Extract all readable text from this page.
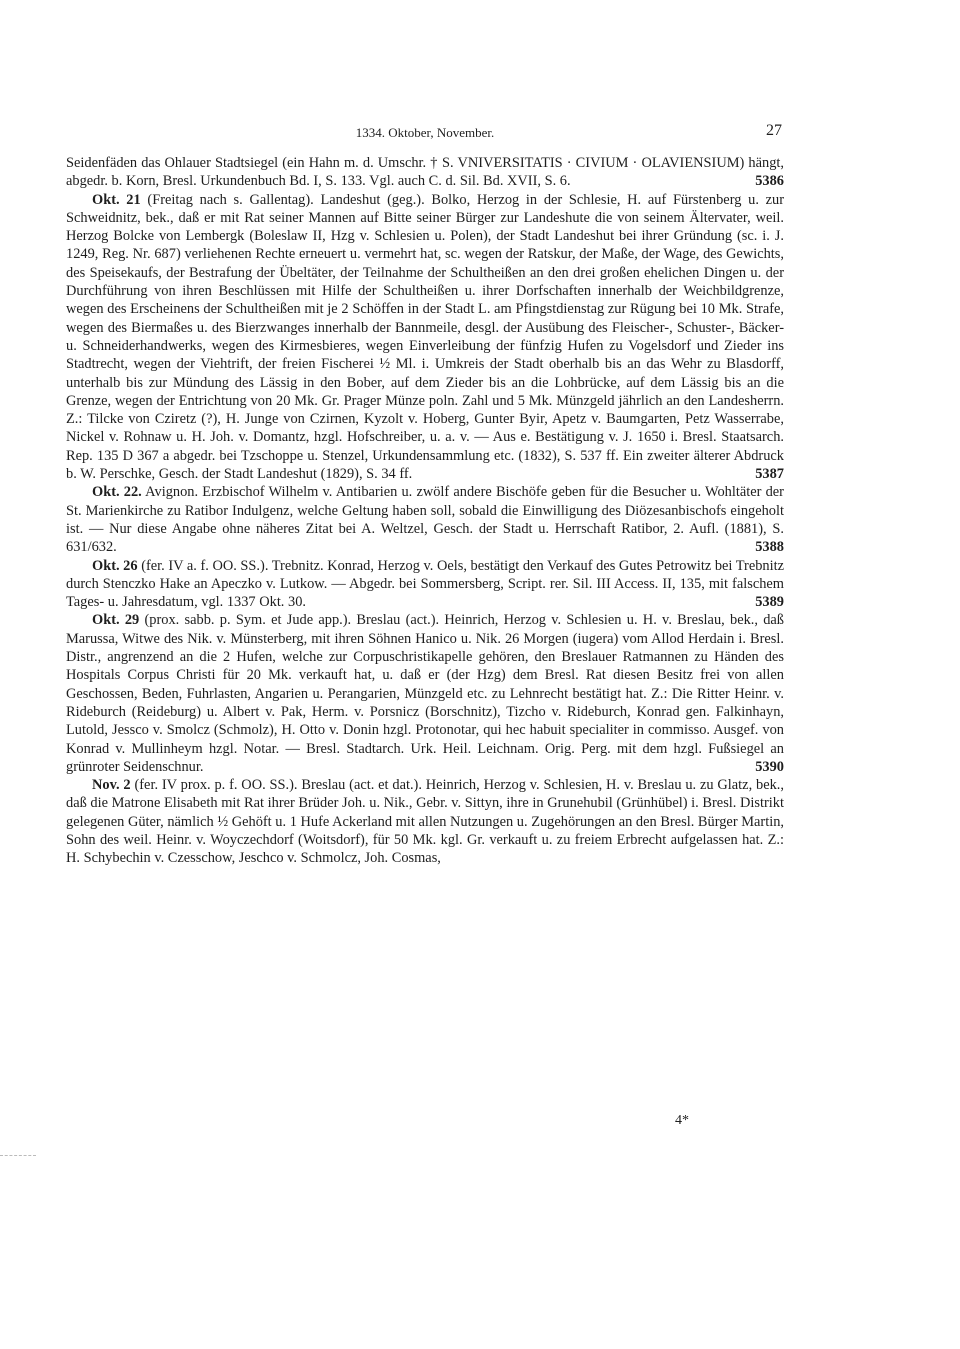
1334. Oktober, November.	27

Seidenfäden das Ohlauer Stadtsiegel (ein Hahn m. d. Umschr. † S. VNIVERSITATIS · CIVIUM · OLAVIENSIUM) hängt, abgedr. b. Korn, Bresl. Urkundenbuch Bd. I, S. 133. Vgl. auch C. d. Sil. Bd. XVII, S. 6.	5386

Okt. 21 (Freitag nach s. Gallentag). Landeshut (geg.). Bolko, Herzog in der Schlesie, H. auf Fürstenberg u. zur Schweidnitz, bek., daß er mit Rat seiner Mannen auf Bitte seiner Bürger zur Landeshute die von seinem Ältervater, weil. Herzog Bolcke von Lembergk (Boleslaw II, Hzg v. Schlesien u. Polen), der Stadt Landeshut bei ihrer Gründung (sc. i. J. 1249, Reg. Nr. 687) verliehenen Rechte erneuert u. vermehrt hat, sc. wegen der Ratskur, der Maße, der Wage, des Gewichts, des Speisekaufs, der Bestrafung der Übeltäter, der Teilnahme der Schultheißen an den drei großen ehelichen Dingen u. der Durchführung von ihren Beschlüssen mit Hilfe der Schultheißen u. ihrer Dorfschaften innerhalb der Weichbildgrenze, wegen des Erscheinens der Schultheißen mit je 2 Schöffen in der Stadt L. am Pfingstdienstag zur Rügung bei 10 Mk. Strafe, wegen des Biermaßes u. des Bierzwanges innerhalb der Bannmeile, desgl. der Ausübung des Fleischer-, Schuster-, Bäcker- u. Schneiderhandwerks, wegen des Kirmesbieres, wegen Einverleibung der fünfzig Hufen zu Vogelsdorf und Zieder ins Stadtrecht, wegen der Viehtrift, der freien Fischerei ½ Ml. i. Umkreis der Stadt oberhalb bis an das Wehr zu Blasdorff, unterhalb bis zur Mündung des Lässig in den Bober, auf dem Zieder bis an die Lohbrücke, auf dem Lässig bis an die Grenze, wegen der Entrichtung von 20 Mk. Gr. Prager Münze poln. Zahl und 5 Mk. Münzgeld jährlich an den Landesherrn. Z.: Tilcke von Cziretz (?), H. Junge von Czirnen, Kyzolt v. Hoberg, Gunter Byir, Apetz v. Baumgarten, Petz Wasserrabe, Nickel v. Rohnaw u. H. Joh. v. Domantz, hzgl. Hofschreiber, u. a. v. — Aus e. Bestätigung v. J. 1650 i. Bresl. Staatsarch. Rep. 135 D 367 a abgedr. bei Tzschoppe u. Stenzel, Urkundensammlung etc. (1832), S. 537 ff. Ein zweiter älterer Abdruck b. W. Perschke, Gesch. der Stadt Landeshut (1829), S. 34 ff.	5387

Okt. 22. Avignon. Erzbischof Wilhelm v. Antibarien u. zwölf andere Bischöfe geben für die Besucher u. Wohltäter der St. Marienkirche zu Ratibor Indulgenz, welche Geltung haben soll, sobald die Einwilligung des Diözesanbischofs eingeholt ist. — Nur diese Angabe ohne näheres Zitat bei A. Weltzel, Gesch. der Stadt u. Herrschaft Ratibor, 2. Aufl. (1881), S. 631/632.	5388

Okt. 26 (fer. IV a. f. OO. SS.). Trebnitz. Konrad, Herzog v. Oels, bestätigt den Verkauf des Gutes Petrowitz bei Trebnitz durch Stenczko Hake an Apeczko v. Lutkow. — Abgedr. bei Sommersberg, Script. rer. Sil. III Access. II, 135, mit falschem Tages- u. Jahresdatum, vgl. 1337 Okt. 30.	5389

Okt. 29 (prox. sabb. p. Sym. et Jude app.). Breslau (act.). Heinrich, Herzog v. Schlesien u. H. v. Breslau, bek., daß Marussa, Witwe des Nik. v. Münsterberg, mit ihren Söhnen Hanico u. Nik. 26 Morgen (iugera) vom Allod Herdain i. Bresl. Distr., angrenzend an die 2 Hufen, welche zur Corpuschristikapelle gehören, den Breslauer Ratmannen zu Händen des Hospitals Corpus Christi für 20 Mk. verkauft hat, u. daß er (der Hzg) dem Bresl. Rat diesen Besitz frei von allen Geschossen, Beden, Fuhrlasten, Angarien u. Perangarien, Münzgeld etc. zu Lehnrecht bestätigt hat. Z.: Die Ritter Heinr. v. Rideburch (Reideburg) u. Albert v. Pak, Herm. v. Porsnicz (Borschnitz), Tizcho v. Rideburch, Konrad gen. Falkinhayn, Lutold, Jessco v. Smolcz (Schmolz), H. Otto v. Donin hzgl. Protonotar, qui hec habuit specialiter in commisso. Ausgef. von Konrad v. Mullinheym hzgl. Notar. — Bresl. Stadtarch. Urk. Heil. Leichnam. Orig. Perg. mit dem hzgl. Fußsiegel an grünroter Seidenschnur.	5390

Nov. 2 (fer. IV prox. p. f. OO. SS.). Breslau (act. et dat.). Heinrich, Herzog v. Schlesien, H. v. Breslau u. zu Glatz, bek., daß die Matrone Elisabeth mit Rat ihrer Brüder Joh. u. Nik., Gebr. v. Sittyn, ihre in Grunehubil (Grünhübel) i. Bresl. Distrikt gelegenen Güter, nämlich ½ Gehöft u. 1 Hufe Ackerland mit allen Nutzungen u. Zugehörungen an den Bresl. Bürger Martin, Sohn des weil. Heinr. v. Woyczechdorf (Woitsdorf), für 50 Mk. kgl. Gr. verkauft u. zu freiem Erbrecht aufgelassen hat. Z.: H. Schybechin v. Czesschow, Jeschco v. Schmolcz, Joh. Cosmas,

4*
